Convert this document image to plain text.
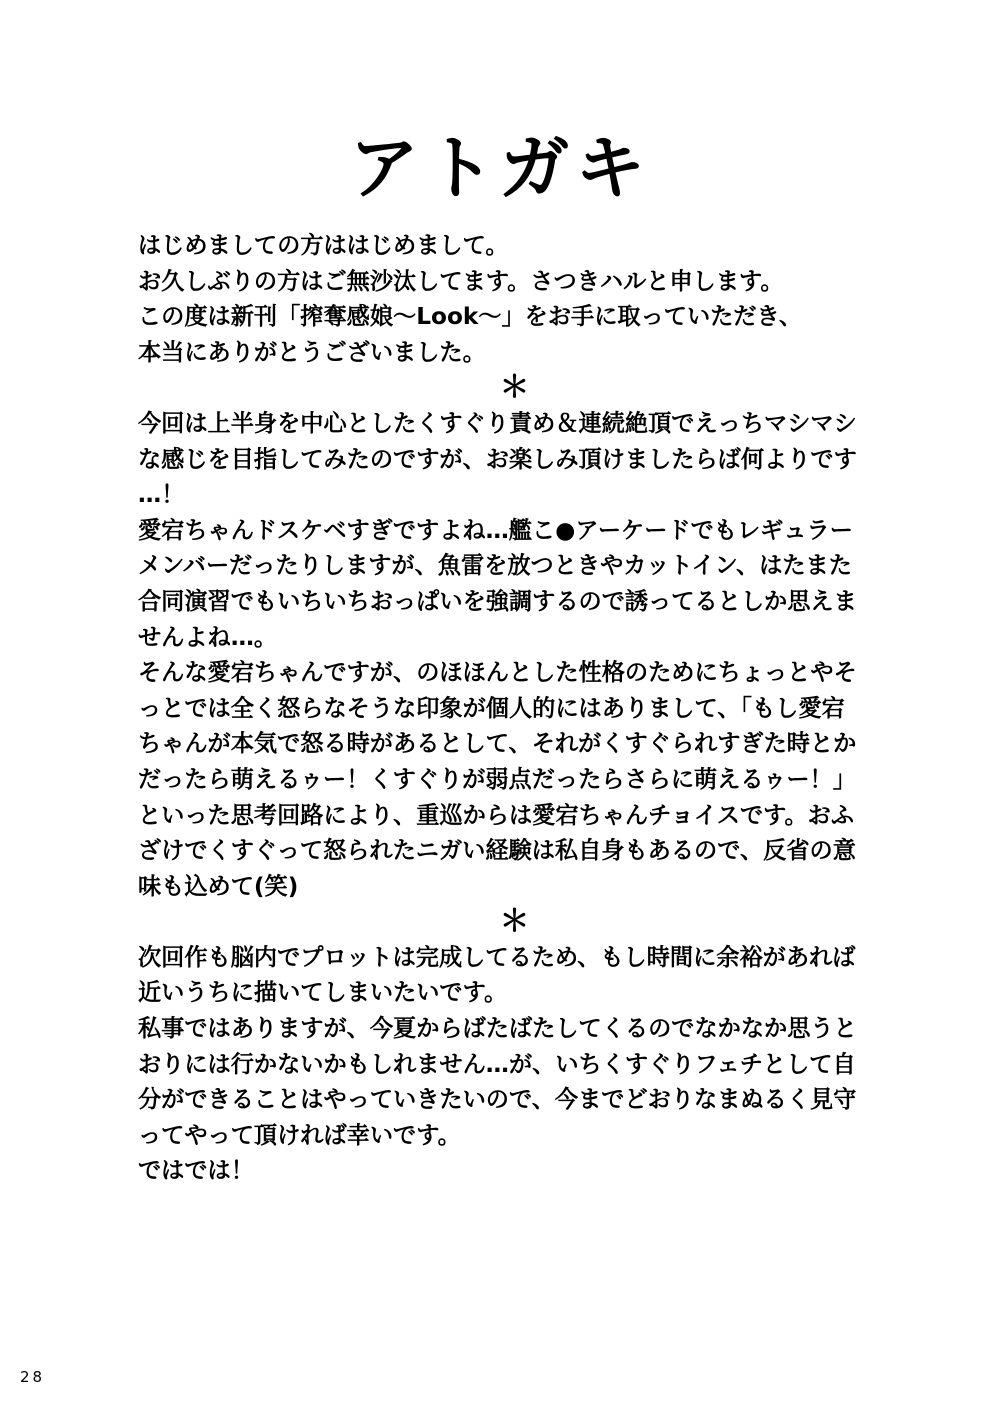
アトガキ
はじめましての方ははじめまして。
お久しぶりの方はご無沙汰してます。さつきハルと申します。
この度は新刊「搾奪感娘〜Look〜」をお手に取っていただき、
本当にありがとうございました。
＊
今回は上半身を中心としたくすぐり責め＆連続絶頂でえっちマシマシ
な感じを目指してみたのですが、お楽しみ頂けましたらば何よりです
…！
愛宕ちゃんドスケベすぎですよね…艦こ●アーケードでもレギュラー
メンバーだったりしますが、魚雷を放つときやカットイン、はたまた
合同演習でもいちいちおっぱいを強調するので誘ってるとしか思えま
せんよね…。
そんな愛宕ちゃんですが、のほほんとした性格のためにちょっとやそ
っとでは全く怒らなそうな印象が個人的にはありまして、「もし愛宕
ちゃんが本気で怒る時があるとして、それがくすぐられすぎた時とか
だったら萌えるゥー！くすぐりが弱点だったらさらに萌えるゥー！」
といった思考回路により、重巡からは愛宕ちゃんチョイスです。おふ
ざけでくすぐって怒られたニガい経験は私自身もあるので、反省の意
味も込めて(笑)
＊
次回作も脳内でプロットは完成してるため、もし時間に余裕があれば
近いうちに描いてしまいたいです。
私事ではありますが、今夏からばたばたしてくるのでなかなか思うと
おりには行かないかもしれません…が、いちくすぐりフェチとして自
分ができることはやっていきたいので、今までどおりなまぬるく見守
ってやって頂ければ幸いです。
ではでは！
28
